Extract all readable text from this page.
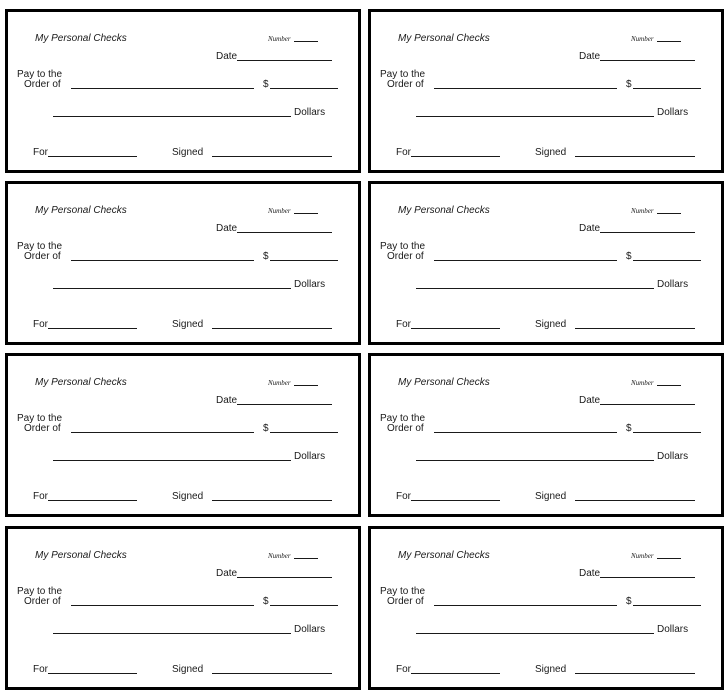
My Personal Checks	Number
Date
Pay to the
Order of	$
Dollars
For	Signed
My Personal Checks	Number
Date
Pay to the
Order of	$
Dollars
For	Signed
My Personal Checks	Number
Date
Pay to the
Order of	$
Dollars
For	Signed
My Personal Checks	Number
Date
Pay to the
Order of	$
Dollars
For	Signed
My Personal Checks	Number
Date
Pay to the
Order of	$
Dollars
For	Signed
My Personal Checks	Number
Date
Pay to the
Order of	$
Dollars
For	Signed
My Personal Checks	Number
Date
Pay to the
Order of	$
Dollars
For	Signed
My Personal Checks	Number
Date
Pay to the
Order of	$
Dollars
For	Signed
